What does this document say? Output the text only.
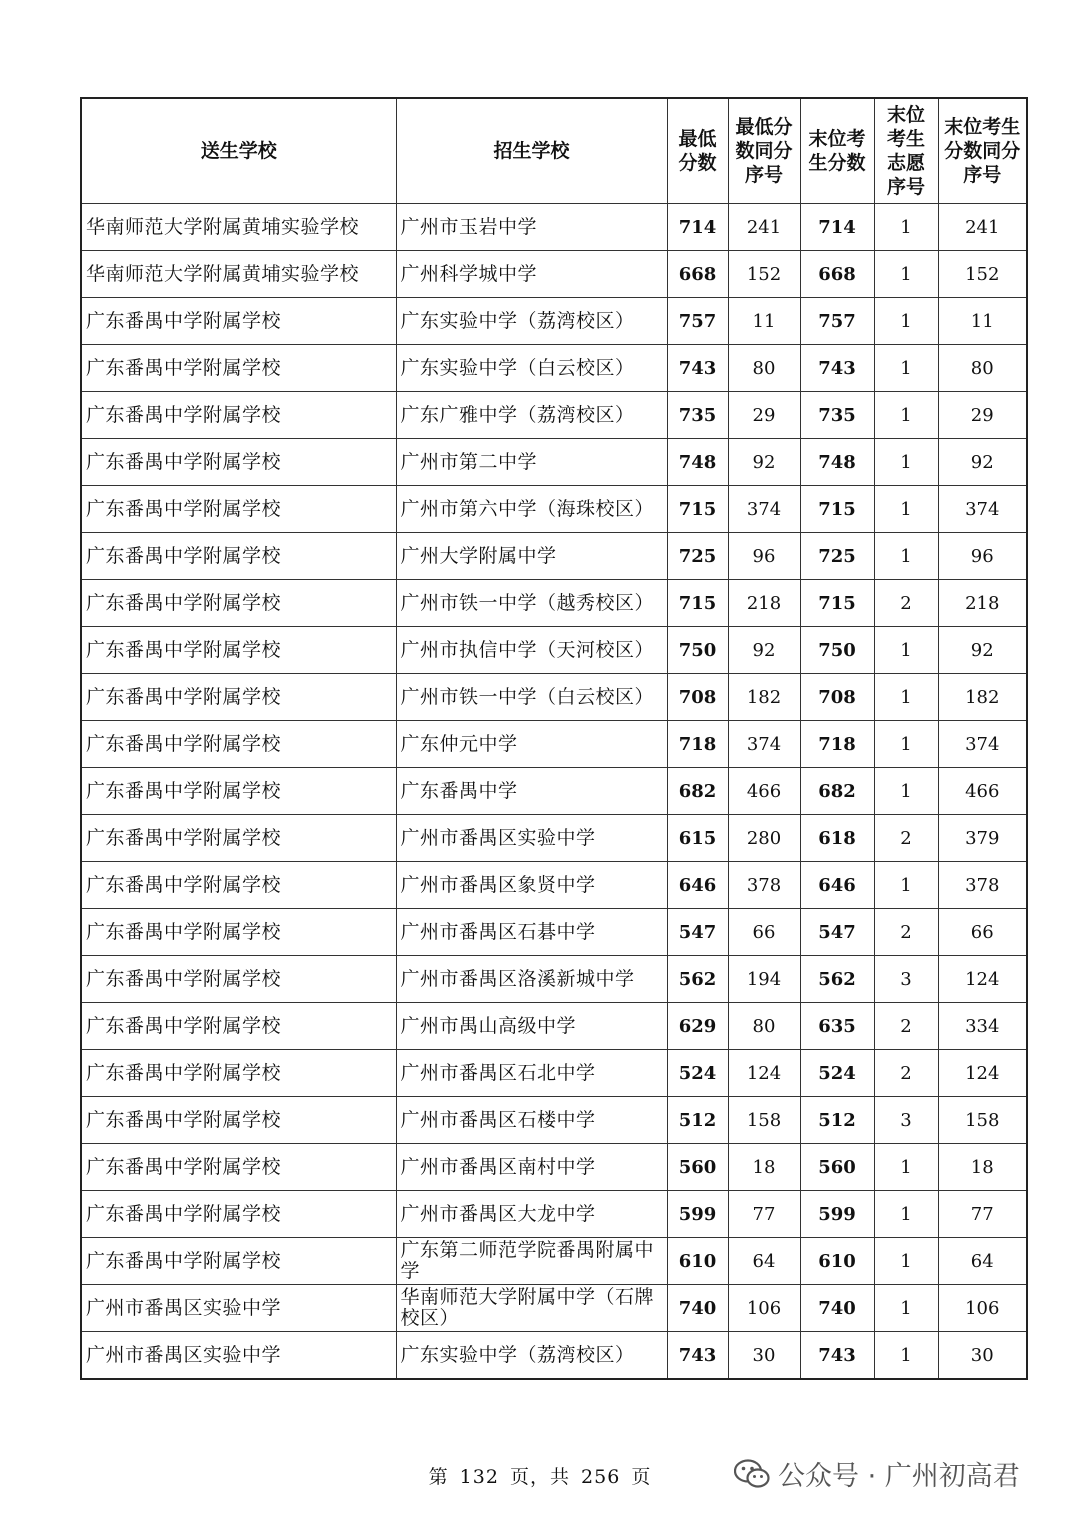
送生学校	招生学校	最低分数	最低分数同分序号	末位考生分数	末位考生志愿序号	末位考生分数同分序号
华南师范大学附属黄埔实验学校	广州市玉岩中学	714	241	714	1	241
华南师范大学附属黄埔实验学校	广州科学城中学	668	152	668	1	152
广东番禺中学附属学校	广东实验中学（荔湾校区）	757	11	757	1	11
广东番禺中学附属学校	广东实验中学（白云校区）	743	80	743	1	80
广东番禺中学附属学校	广东广雅中学（荔湾校区）	735	29	735	1	29
广东番禺中学附属学校	广州市第二中学	748	92	748	1	92
广东番禺中学附属学校	广州市第六中学（海珠校区）	715	374	715	1	374
广东番禺中学附属学校	广州大学附属中学	725	96	725	1	96
广东番禺中学附属学校	广州市铁一中学（越秀校区）	715	218	715	2	218
广东番禺中学附属学校	广州市执信中学（天河校区）	750	92	750	1	92
广东番禺中学附属学校	广州市铁一中学（白云校区）	708	182	708	1	182
广东番禺中学附属学校	广东仲元中学	718	374	718	1	374
广东番禺中学附属学校	广东番禺中学	682	466	682	1	466
广东番禺中学附属学校	广州市番禺区实验中学	615	280	618	2	379
广东番禺中学附属学校	广州市番禺区象贤中学	646	378	646	1	378
广东番禺中学附属学校	广州市番禺区石碁中学	547	66	547	2	66
广东番禺中学附属学校	广州市番禺区洛溪新城中学	562	194	562	3	124
广东番禺中学附属学校	广州市禺山高级中学	629	80	635	2	334
广东番禺中学附属学校	广州市番禺区石北中学	524	124	524	2	124
广东番禺中学附属学校	广州市番禺区石楼中学	512	158	512	3	158
广东番禺中学附属学校	广州市番禺区南村中学	560	18	560	1	18
广东番禺中学附属学校	广州市番禺区大龙中学	599	77	599	1	77
广东番禺中学附属学校	广东第二师范学院番禺附属中学	610	64	610	1	64
广州市番禺区实验中学	华南师范大学附属中学（石牌校区）	740	106	740	1	106
广州市番禺区实验中学	广东实验中学（荔湾校区）	743	30	743	1	30
第 132 页，共 256 页	公众号 · 广州初高君
